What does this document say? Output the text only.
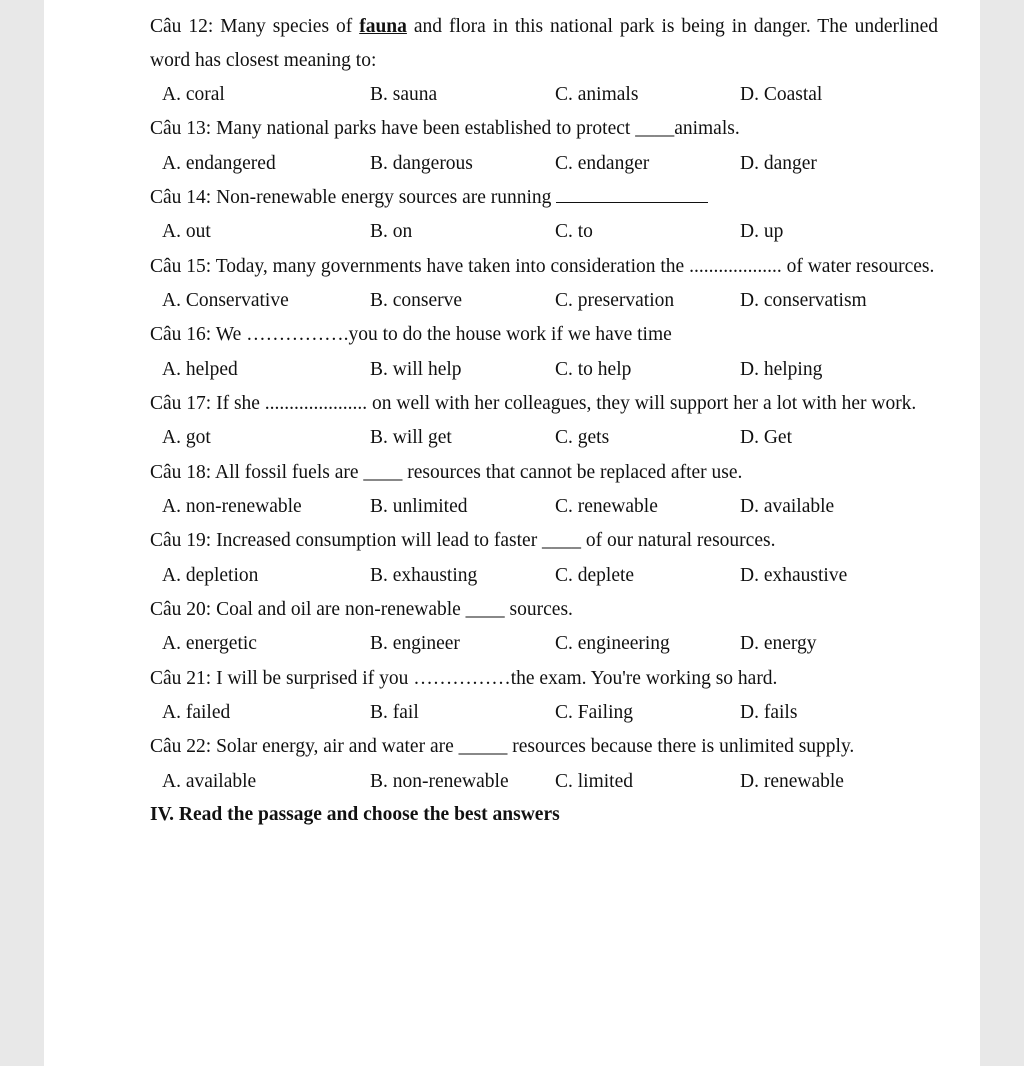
Câu 12: Many species of fauna and flora in this national park is being in danger. The underlined word has closest meaning to:

A. coral	B. sauna	C. animals	D. Coastal

Câu 13: Many national parks have been established to protect ____animals.

A. endangered	B. dangerous	C. endanger	D. danger

Câu 14: Non-renewable energy sources are running

A. out	B. on	C. to	D. up

Câu 15: Today, many governments have taken into consideration the ................... of water resources.

A. Conservative	B. conserve	C. preservation	D. conservatism

Câu 16: We …………….you to do the house work if we have time

A. helped	B. will help	C. to help	D. helping

Câu 17: If she ..................... on well with her colleagues, they will support her a lot with her work.

A. got	B. will get	C. gets	D. Get

Câu 18: All fossil fuels are ____ resources that cannot be replaced after use.

A. non-renewable	B. unlimited	C. renewable	D. available

Câu 19: Increased consumption will lead to faster ____ of our natural resources.

A. depletion	B. exhausting	C. deplete	D. exhaustive

Câu 20: Coal and oil are non-renewable ____ sources.

A. energetic	B. engineer	C. engineering	D. energy

Câu 21: I will be surprised if you ……………the exam. You're working so hard.

A. failed	B. fail	C. Failing	D. fails

Câu 22: Solar energy, air and water are _____ resources because there is unlimited supply.

A. available	B. non-renewable	C. limited	D. renewable

IV. Read the passage and choose the best answers
